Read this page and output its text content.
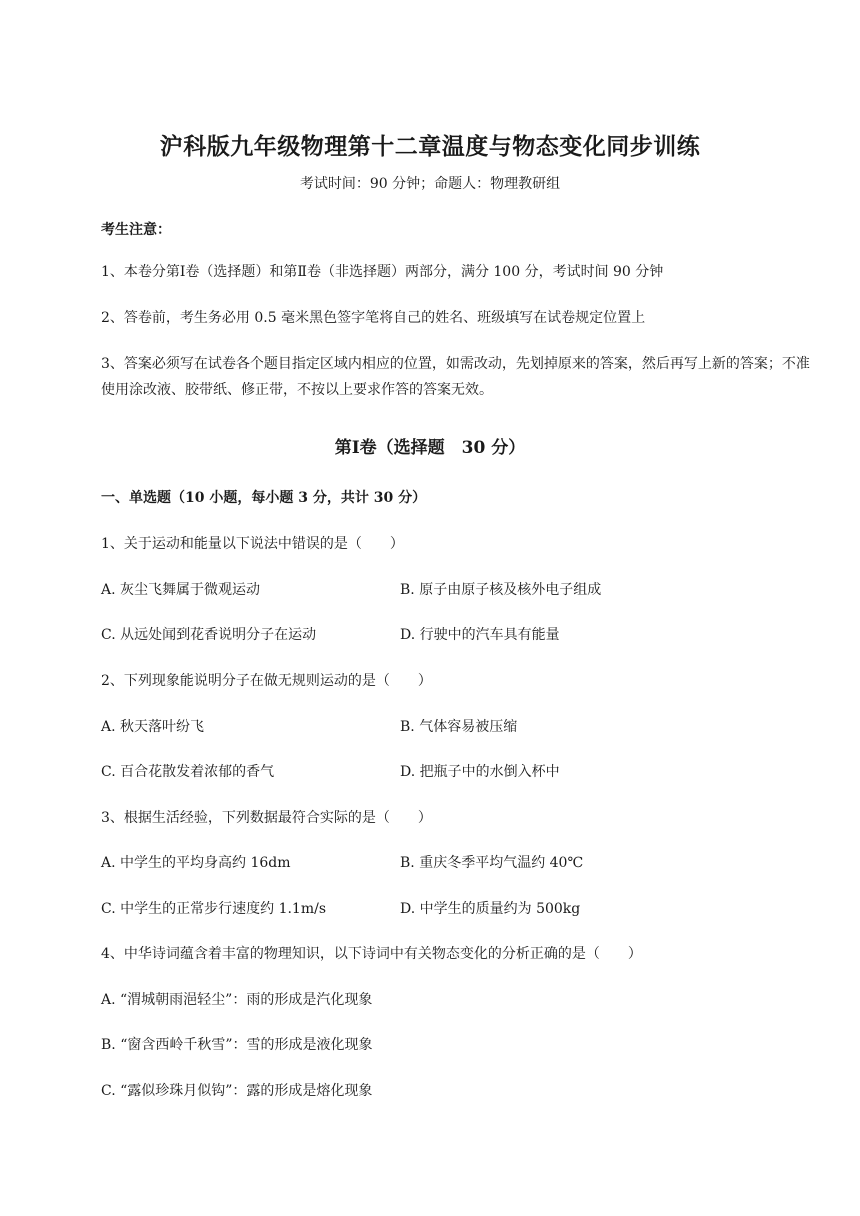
沪科版九年级物理第十二章温度与物态变化同步训练
考试时间：90 分钟；命题人：物理教研组
考生注意：
1、本卷分第Ⅰ卷（选择题）和第Ⅱ卷（非选择题）两部分，满分 100 分，考试时间 90 分钟
2、答卷前，考生务必用 0.5 毫米黑色签字笔将自己的姓名、班级填写在试卷规定位置上
3、答案必须写在试卷各个题目指定区域内相应的位置，如需改动，先划掉原来的答案，然后再写上新的答案；不准使用涂改液、胶带纸、修正带，不按以上要求作答的答案无效。
第Ⅰ卷（选择题　30 分）
一、单选题（10 小题，每小题 3 分，共计 30 分）
1、关于运动和能量以下说法中错误的是（　　）
A. 灰尘飞舞属于微观运动	B. 原子由原子核及核外电子组成
C. 从远处闻到花香说明分子在运动	D. 行驶中的汽车具有能量
2、下列现象能说明分子在做无规则运动的是（　　）
A. 秋天落叶纷飞	B. 气体容易被压缩
C. 百合花散发着浓郁的香气	D. 把瓶子中的水倒入杯中
3、根据生活经验，下列数据最符合实际的是（　　）
A. 中学生的平均身高约 16dm	B. 重庆冬季平均气温约 40℃
C. 中学生的正常步行速度约 1.1m/s	D. 中学生的质量约为 500kg
4、中华诗词蕴含着丰富的物理知识，以下诗词中有关物态变化的分析正确的是（　　）
A. “渭城朝雨浥轻尘”：雨的形成是汽化现象
B. “窗含西岭千秋雪”：雪的形成是液化现象
C. “露似珍珠月似钩”：露的形成是熔化现象
